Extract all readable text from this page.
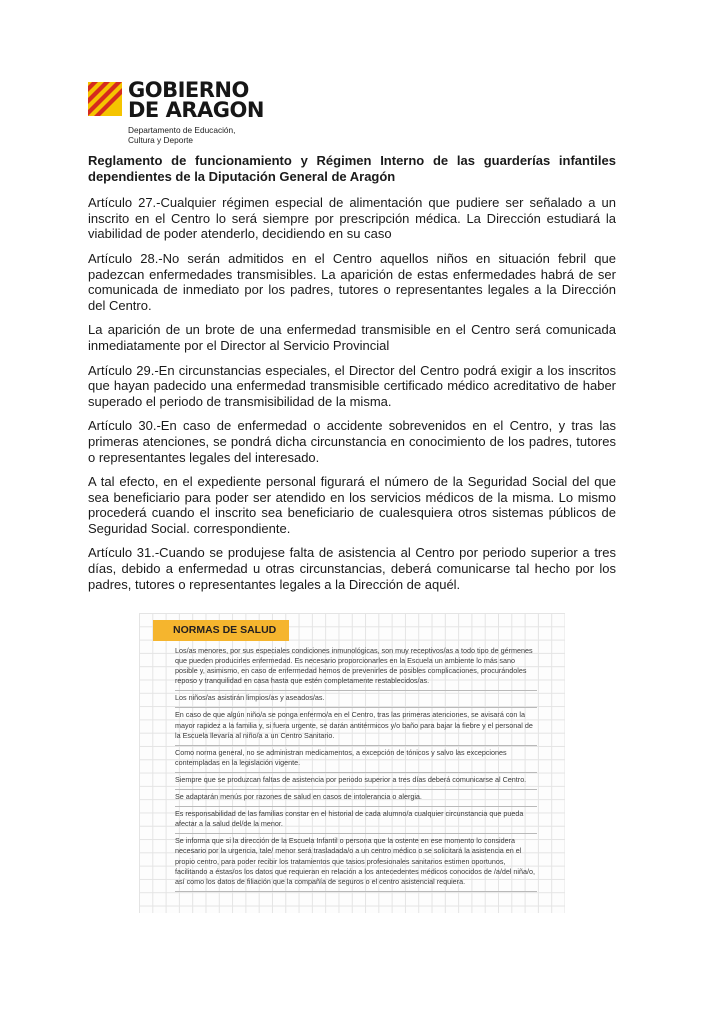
GOBIERNO
DE ARAGON
Departamento de Educación,
Cultura y Deporte

Reglamento de funcionamiento y Régimen Interno de las guarderías infantiles dependientes de la Diputación General de Aragón

Artículo 27.-Cualquier régimen especial de alimentación que pudiere ser señalado a un inscrito en el Centro lo será siempre por prescripción médica. La Dirección estudiará la viabilidad de poder atenderlo, decidiendo en su caso

Artículo 28.-No serán admitidos en el Centro aquellos niños en situación febril que padezcan enfermedades transmisibles. La aparición de estas enfermedades habrá de ser comunicada de inmediato por los padres, tutores o representantes legales a la Dirección del Centro.

La aparición de un brote de una enfermedad transmisible en el Centro será comunicada inmediatamente por el Director al Servicio Provincial

Artículo 29.-En circunstancias especiales, el Director del Centro podrá exigir a los inscritos que hayan padecido una enfermedad transmisible certificado médico acreditativo de haber superado el periodo de transmisibilidad de la misma.

Artículo 30.-En caso de enfermedad o accidente sobrevenidos en el Centro, y tras las primeras atenciones, se pondrá dicha circunstancia en conocimiento de los padres, tutores o representantes legales del interesado.

A tal efecto, en el expediente personal figurará el número de la Seguridad Social del que sea beneficiario para poder ser atendido en los servicios médicos de la misma. Lo mismo procederá cuando el inscrito sea beneficiario de cualesquiera otros sistemas públicos de Seguridad Social. correspondiente.

Artículo 31.-Cuando se produjese falta de asistencia al Centro por periodo superior a tres días, debido a enfermedad u otras circunstancias, deberá comunicarse tal hecho por los padres, tutores o representantes legales a la Dirección de aquél.

NORMAS DE SALUD

Los/as menores, por sus especiales condiciones inmunológicas, son muy receptivos/as a todo tipo de gérmenes que pueden producirles enfermedad. Es necesario proporcionarles en la Escuela un ambiente lo más sano posible y, asimismo, en caso de enfermedad hemos de prevenirles de posibles complicaciones, procurándoles reposo y tranquilidad en casa hasta que estén completamente restablecidos/as.

Los niños/as asistirán limpios/as y aseados/as.

En caso de que algún niño/a se ponga enfermo/a en el Centro, tras las primeras atenciones, se avisará con la mayor rapidez a la familia y, si fuera urgente, se darán antitérmicos y/o baño para bajar la fiebre y el personal de la Escuela llevaría al niño/a a un Centro Sanitario.

Como norma general, no se administran medicamentos, a excepción de tónicos y salvo las excepciones contempladas en la legislación vigente.

Siempre que se produzcan faltas de asistencia por periodo superior a tres días deberá comunicarse al Centro.

Se adaptarán menús por razones de salud en casos de intolerancia o alergia.

Es responsabilidad de las familias constar en el historial de cada alumno/a cualquier circunstancia que pueda afectar a la salud del/de la menor.

Se informa que si la dirección de la Escuela Infantil o persona que la ostente en ese momento lo considera necesario por la urgencia, tale/ menor será trasladada/o a un centro médico o se solicitará la asistencia en el propio centro, para poder recibir los tratamientos que tasios profesionales sanitarios estimen oportunos, facilitando a éstas/os los datos que requieran en relación a los antecedentes médicos conocidos de /a/del niña/o, así como los datos de filiación que la compañía de seguros o el centro asistencial requiera.
